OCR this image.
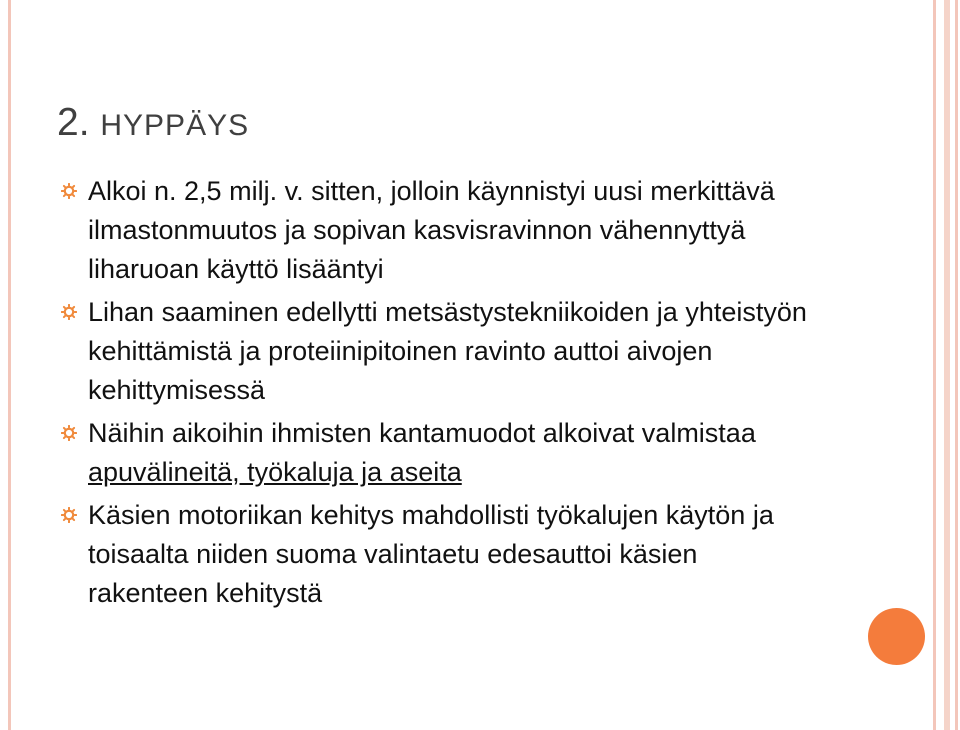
2. HYPPÄYS
Alkoi n. 2,5 milj. v. sitten, jolloin käynnistyi uusi merkittävä ilmastonmuutos ja sopivan kasvisravinnon vähennyttyä liharuoan käyttö lisääntyi
Lihan saaminen edellytti metsästystekniikoiden ja yhteistyön kehittämistä ja proteiinipitoinen ravinto auttoi aivojen kehittymisessä
Näihin aikoihin ihmisten kantamuodot alkoivat valmistaa apuvälineitä, työkaluja ja aseita
Käsien motoriikan kehitys mahdollisti työkalujen käytön ja toisaalta niiden suoma valintaetu edesauttoi käsien rakenteen kehitystä
